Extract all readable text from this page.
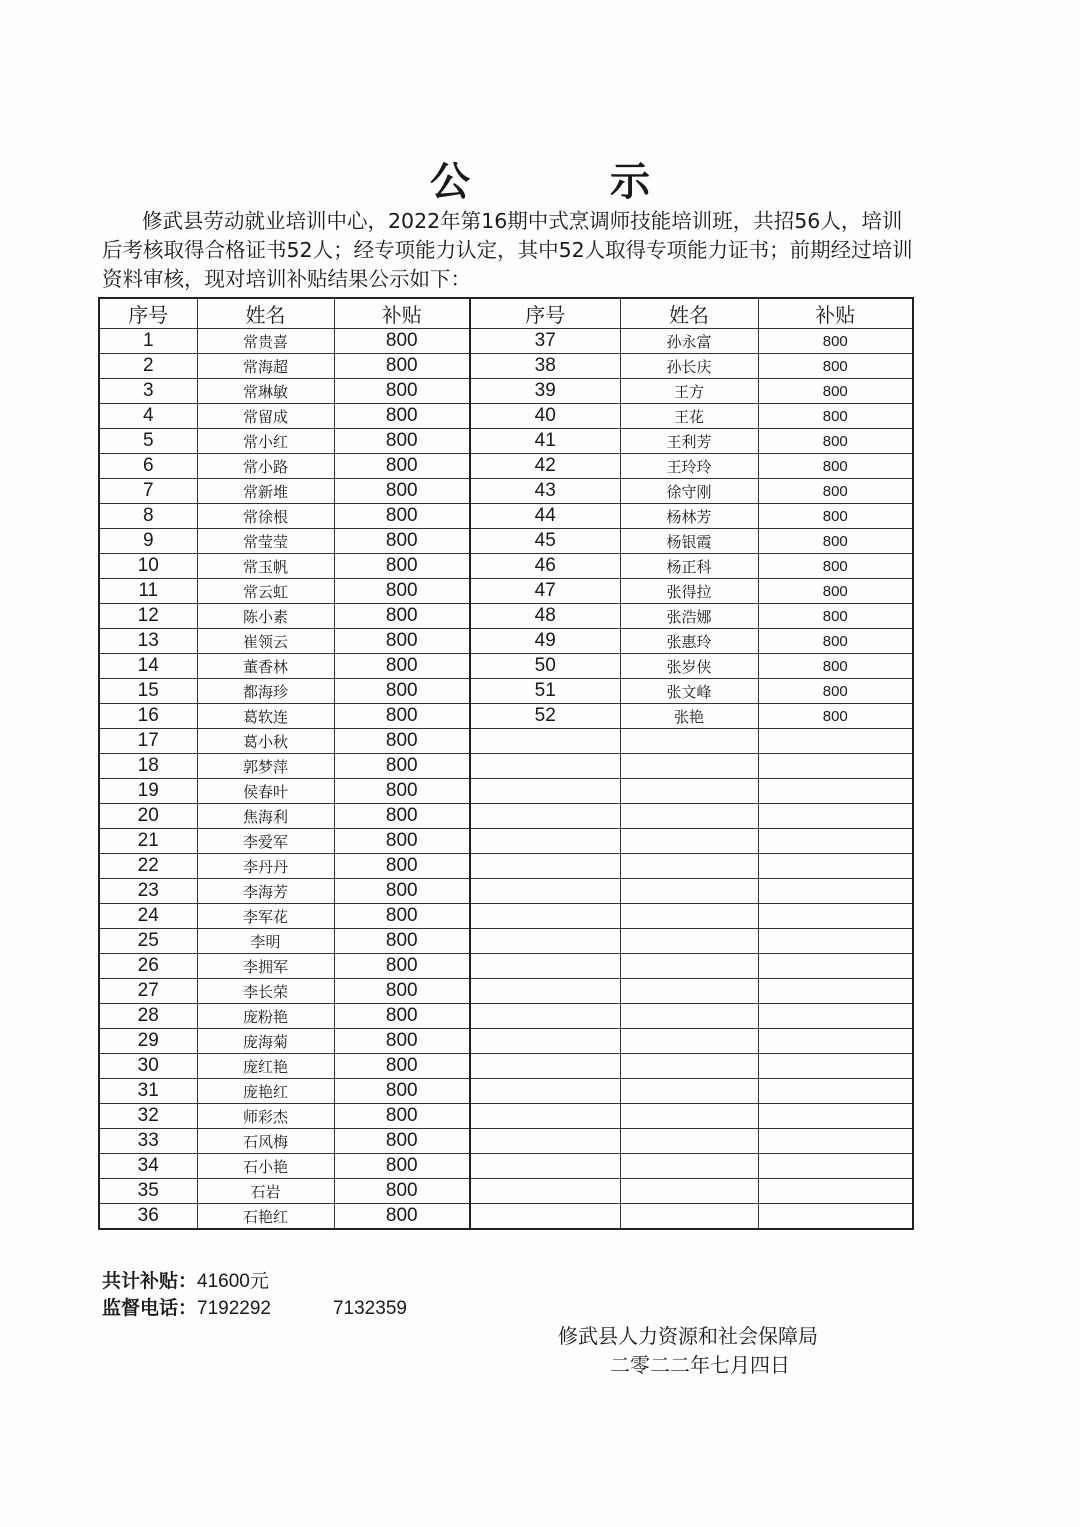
公　示
修武县劳动就业培训中心，2022年第16期中式烹调师技能培训班，共招56人，培训后考核取得合格证书52人；经专项能力认定，其中52人取得专项能力证书；前期经过培训资料审核，现对培训补贴结果公示如下：
序号	姓名	补贴	序号	姓名	补贴
1	常贵喜	800	37	孙永富	800
2	常海超	800	38	孙长庆	800
3	常琳敏	800	39	王方	800
4	常留成	800	40	王花	800
5	常小红	800	41	王利芳	800
6	常小路	800	42	王玲玲	800
7	常新堆	800	43	徐守刚	800
8	常徐根	800	44	杨林芳	800
9	常莹莹	800	45	杨银霞	800
10	常玉帆	800	46	杨正科	800
11	常云虹	800	47	张得拉	800
12	陈小素	800	48	张浩娜	800
13	崔领云	800	49	张惠玲	800
14	董香林	800	50	张岁侠	800
15	都海珍	800	51	张文峰	800
16	葛软连	800	52	张艳	800
17	葛小秋	800			
18	郭梦萍	800			
19	侯春叶	800			
20	焦海利	800			
21	李爱军	800			
22	李丹丹	800			
23	李海芳	800			
24	李军花	800			
25	李明	800			
26	李拥军	800			
27	李长荣	800			
28	庞粉艳	800			
29	庞海菊	800			
30	庞红艳	800			
31	庞艳红	800			
32	师彩杰	800			
33	石风梅	800			
34	石小艳	800			
35	石岩	800			
36	石艳红	800			
共计补贴：41600元
监督电话：7192292	7132359
修武县人力资源和社会保障局
二零二二年七月四日
